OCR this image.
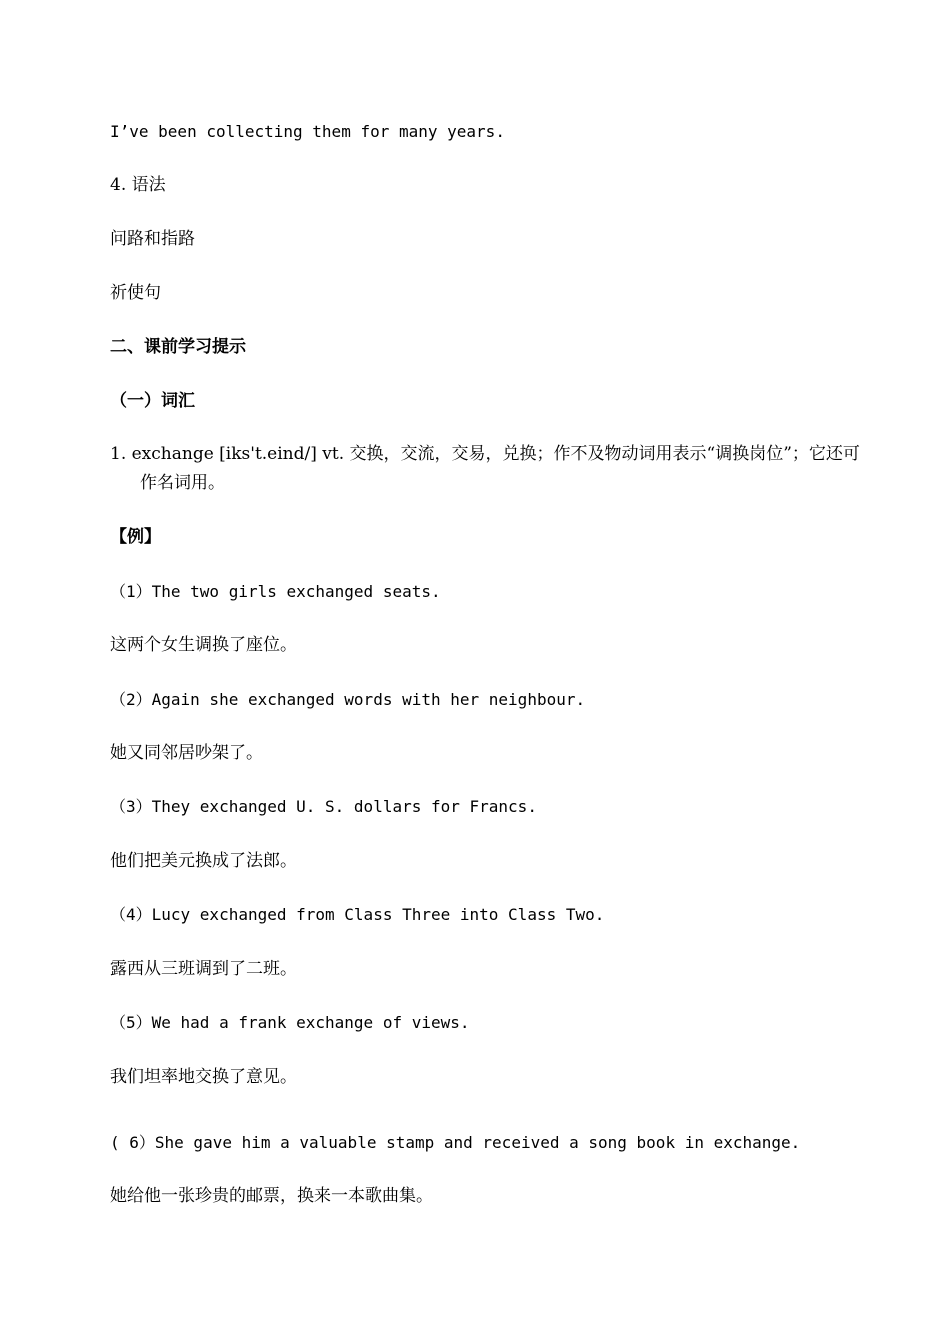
I’ve been collecting them for many years.
4. 语法
问路和指路
祈使句
二、课前学习提示
（一）词汇
1. exchange [iks't.eind/] vt. 交换，交流，交易，兑换；作不及物动词用表示“调换岗位”；它还可作名词用。
【例】
（1）The two girls exchanged seats.
这两个女生调换了座位。
（2）Again she exchanged words with her neighbour.
她又同邻居吵架了。
（3）They exchanged U. S. dollars for Francs.
他们把美元换成了法郎。
（4）Lucy exchanged from Class Three into Class Two.
露西从三班调到了二班。
（5）We had a frank exchange of views.
我们坦率地交换了意见。
( 6）She gave him a valuable stamp and received a song book in exchange.
她给他一张珍贵的邮票，换来一本歌曲集。
